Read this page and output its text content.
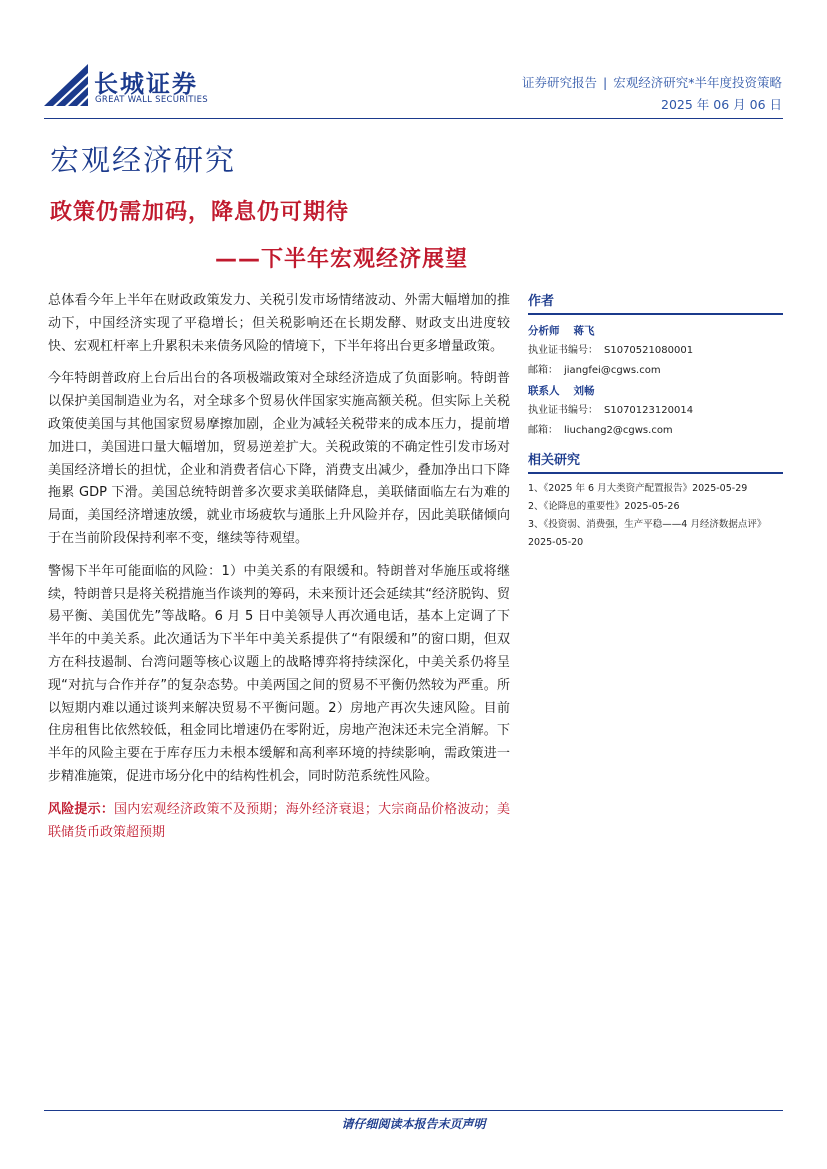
长城证券
GREAT WALL SECURITIES
证券研究报告 | 宏观经济研究*半年度投资策略
2025 年 06 月 06 日
宏观经济研究
政策仍需加码，降息仍可期待
——下半年宏观经济展望

总体看今年上半年在财政政策发力、关税引发市场情绪波动、外需大幅增加的推动下，中国经济实现了平稳增长；但关税影响还在长期发酵、财政支出进度较快、宏观杠杆率上升累积未来债务风险的情境下，下半年将出台更多增量政策。

今年特朗普政府上台后出台的各项极端政策对全球经济造成了负面影响。特朗普以保护美国制造业为名，对全球多个贸易伙伴国家实施高额关税。但实际上关税政策使美国与其他国家贸易摩擦加剧，企业为减轻关税带来的成本压力，提前增加进口，美国进口量大幅增加，贸易逆差扩大。关税政策的不确定性引发市场对美国经济增长的担忧，企业和消费者信心下降，消费支出减少，叠加净出口下降拖累 GDP 下滑。美国总统特朗普多次要求美联储降息，美联储面临左右为难的局面，美国经济增速放缓，就业市场疲软与通胀上升风险并存，因此美联储倾向于在当前阶段保持利率不变，继续等待观望。

警惕下半年可能面临的风险：1）中美关系的有限缓和。特朗普对华施压或将继续，特朗普只是将关税措施当作谈判的筹码，未来预计还会延续其“经济脱钩、贸易平衡、美国优先”等战略。6 月 5 日中美领导人再次通电话，基本上定调了下半年的中美关系。此次通话为下半年中美关系提供了“有限缓和”的窗口期，但双方在科技遏制、台湾问题等核心议题上的战略博弈将持续深化，中美关系仍将呈现“对抗与合作并存”的复杂态势。中美两国之间的贸易不平衡仍然较为严重。所以短期内难以通过谈判来解决贸易不平衡问题。2）房地产再次失速风险。目前住房租售比依然较低，租金同比增速仍在零附近，房地产泡沫还未完全消解。下半年的风险主要在于库存压力未根本缓解和高利率环境的持续影响，需政策进一步精准施策，促进市场分化中的结构性机会，同时防范系统性风险。

风险提示：国内宏观经济政策不及预期；海外经济衰退；大宗商品价格波动；美联储货币政策超预期
作者
分析师 蒋飞
执业证书编号： S1070521080001
邮箱： jiangfei@cgws.com
联系人 刘畅
执业证书编号： S1070123120014
邮箱： liuchang2@cgws.com
相关研究
1、《2025 年 6 月大类资产配置报告》2025-05-29
2、《论降息的重要性》2025-05-26
3、《投资弱、消费强，生产平稳——4 月经济数据点评》
2025-05-20
请仔细阅读本报告末页声明
